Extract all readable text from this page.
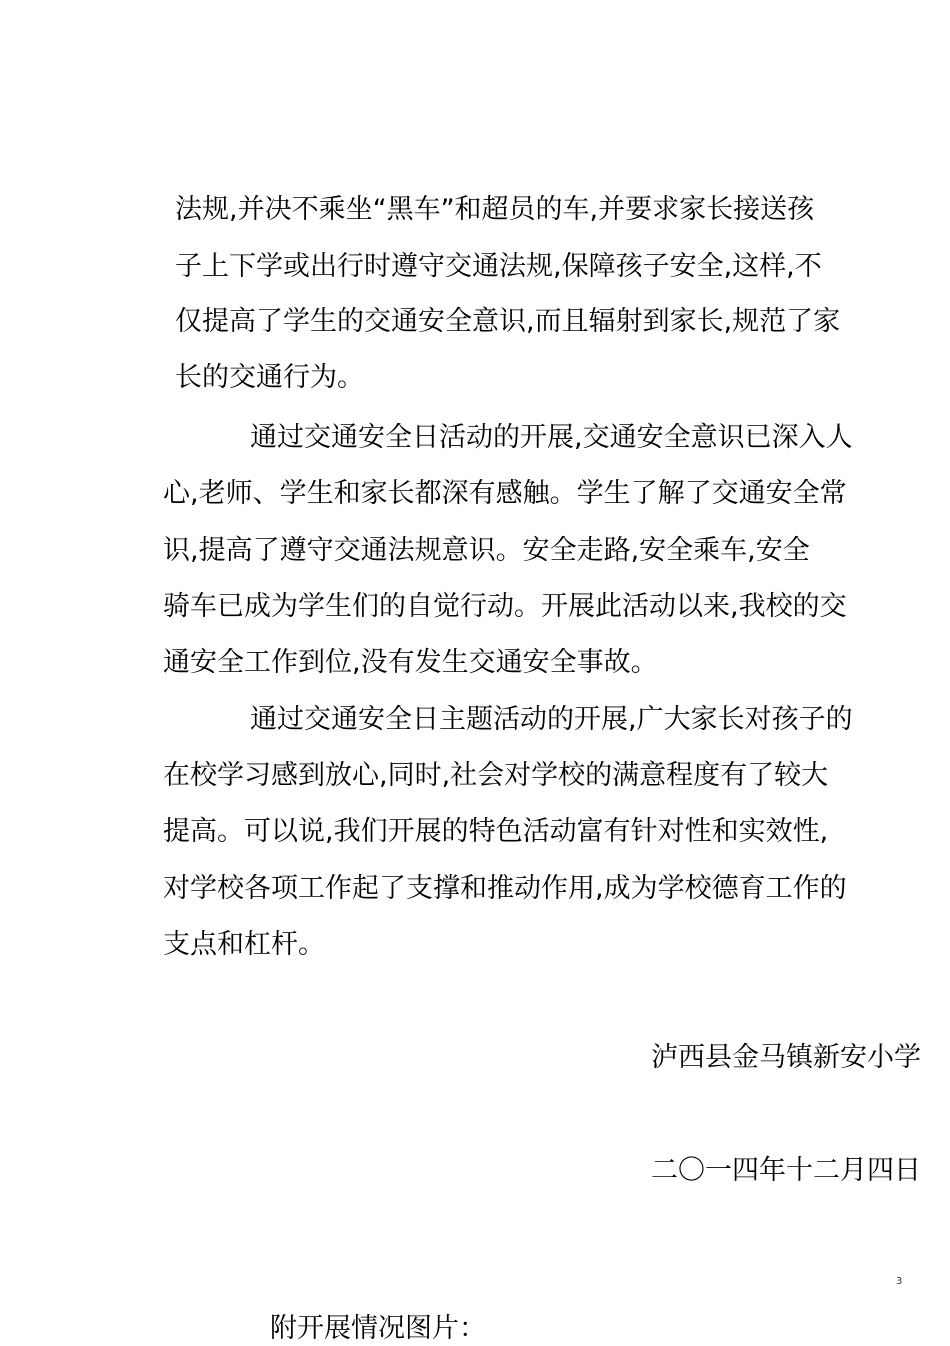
法规,并决不乘坐“黑车”和超员的车,并要求家长接送孩
子上下学或出行时遵守交通法规,保障孩子安全,这样,不
仅提高了学生的交通安全意识,而且辐射到家长,规范了家
长的交通行为。
通过交通安全日活动的开展,交通安全意识已深入人
心,老师、学生和家长都深有感触。学生了解了交通安全常
识,提高了遵守交通法规意识。安全走路,安全乘车,安全
骑车已成为学生们的自觉行动。开展此活动以来,我校的交
通安全工作到位,没有发生交通安全事故。
通过交通安全日主题活动的开展,广大家长对孩子的
在校学习感到放心,同时,社会对学校的满意程度有了较大
提高。可以说,我们开展的特色活动富有针对性和实效性,
对学校各项工作起了支撑和推动作用,成为学校德育工作的
支点和杠杆。
泸西县金马镇新安小学
二〇一四年十二月四日
3
附开展情况图片：
